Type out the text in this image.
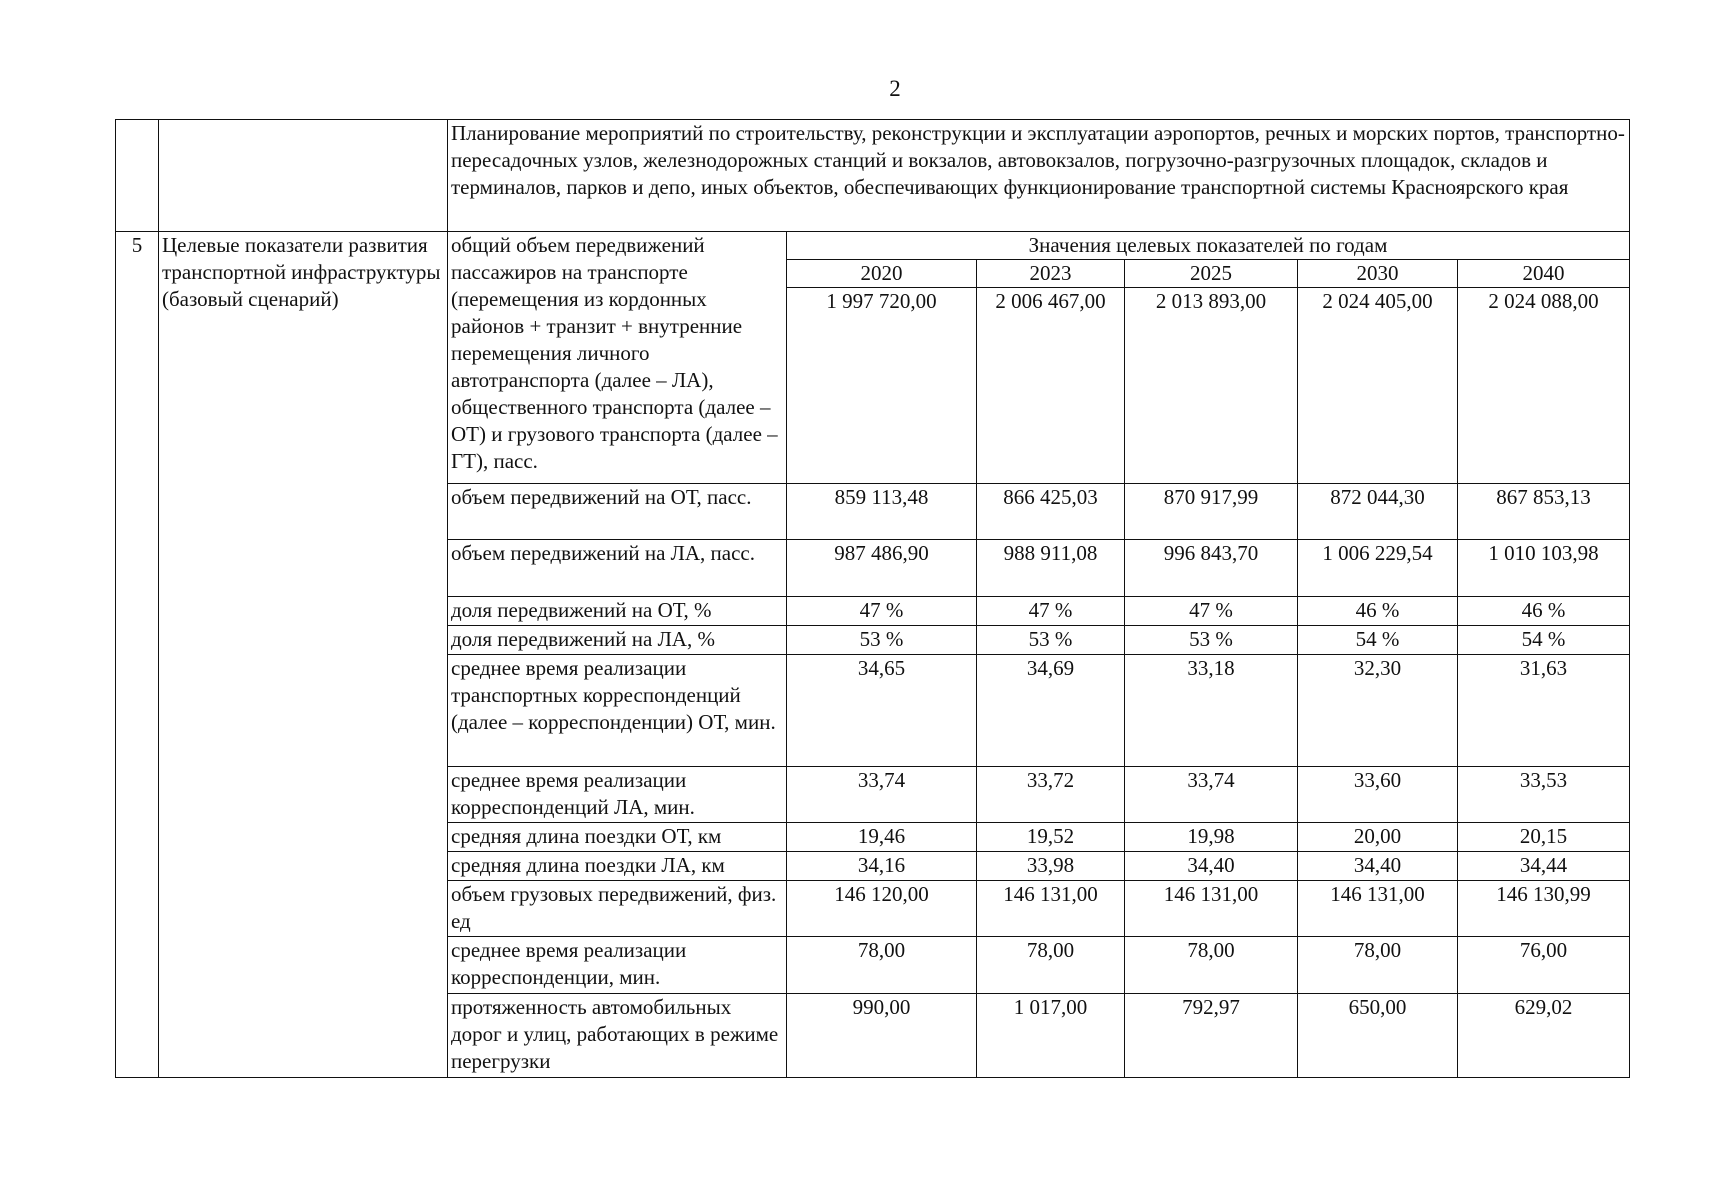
2
		Планирование мероприятий по строительству, реконструкции и эксплуатации аэропортов, речных и морских портов, транспортно-пересадочных узлов, железнодорожных станций и вокзалов, автовокзалов, погрузочно-разгрузочных площадок, складов и терминалов, парков и депо, иных объектов, обеспечивающих функционирование транспортной системы Красноярского края					
5	Целевые показатели развития транспортной инфраструктуры (базовый сценарий)	общий объем передвижений пассажиров на транспорте (перемещения из кордонных районов + транзит + внутренние перемещения личного автотранспорта (далее – ЛА), общественного транспорта (далее – ОТ) и грузового транспорта (далее – ГТ), пасс.	Значения целевых показателей по годам				
			2020	2023	2025	2030	2040
			1 997 720,00	2 006 467,00	2 013 893,00	2 024 405,00	2 024 088,00
		объем передвижений на ОТ, пасс.	859 113,48	866 425,03	870 917,99	872 044,30	867 853,13
		объем передвижений на ЛА, пасс.	987 486,90	988 911,08	996 843,70	1 006 229,54	1 010 103,98
		доля передвижений на ОТ, %	47 %	47 %	47 %	46 %	46 %
		доля передвижений на ЛА, %	53 %	53 %	53 %	54 %	54 %
		среднее время реализации транспортных корреспонденций (далее – корреспонденции) ОТ, мин.	34,65	34,69	33,18	32,30	31,63
		среднее время реализации корреспонденций ЛА, мин.	33,74	33,72	33,74	33,60	33,53
		средняя длина поездки ОТ, км	19,46	19,52	19,98	20,00	20,15
		средняя длина поездки ЛА, км	34,16	33,98	34,40	34,40	34,44
		объем грузовых передвижений, физ. ед	146 120,00	146 131,00	146 131,00	146 131,00	146 130,99
		среднее время реализации корреспонденции, мин.	78,00	78,00	78,00	78,00	76,00
		протяженность автомобильных дорог и улиц, работающих в режиме перегрузки	990,00	1 017,00	792,97	650,00	629,02
